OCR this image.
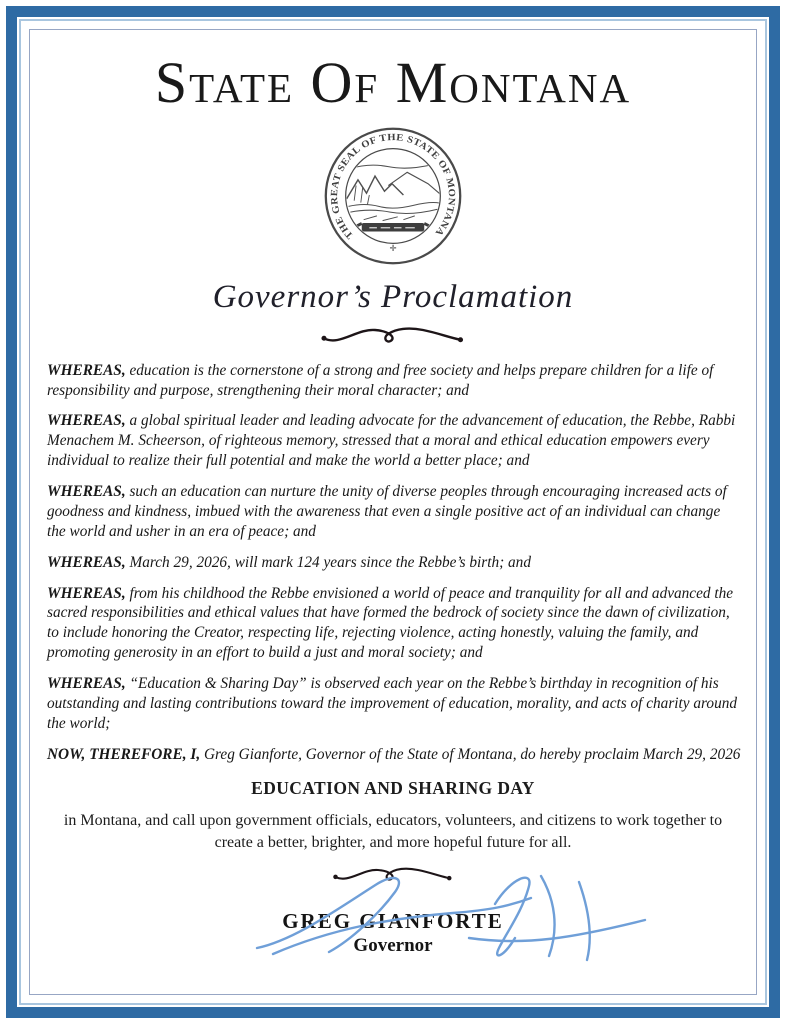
State Of Montana
THE GREAT SEAL OF THE STATE OF MONTANA
✛
Governor’s Proclamation

WHEREAS, education is the cornerstone of a strong and free society and helps prepare children for a life of responsibility and purpose, strengthening their moral character; and

WHEREAS, a global spiritual leader and leading advocate for the advancement of education, the Rebbe, Rabbi Menachem M. Scheerson, of righteous memory, stressed that a moral and ethical education empowers every individual to realize their full potential and make the world a better place; and

WHEREAS, such an education can nurture the unity of diverse peoples through encouraging increased acts of goodness and kindness, imbued with the awareness that even a single positive act of an individual can change the world and usher in an era of peace; and

WHEREAS, March 29, 2026, will mark 124 years since the Rebbe’s birth; and

WHEREAS, from his childhood the Rebbe envisioned a world of peace and tranquility for all and advanced the sacred responsibilities and ethical values that have formed the bedrock of society since the dawn of civilization, to include honoring the Creator, respecting life, rejecting violence, acting honestly, valuing the family, and promoting generosity in an effort to build a just and moral society; and

WHEREAS, “Education & Sharing Day” is observed each year on the Rebbe’s birthday in recognition of his outstanding and lasting contributions toward the improvement of education, morality, and acts of charity around the world;

NOW, THEREFORE, I, Greg Gianforte, Governor of the State of Montana, do hereby proclaim March 29, 2026

EDUCATION AND SHARING DAY
in Montana, and call upon government officials, educators, volunteers, and citizens to work together to create a better, brighter, and more hopeful future for all.
GREG GIANFORTE
Governor
